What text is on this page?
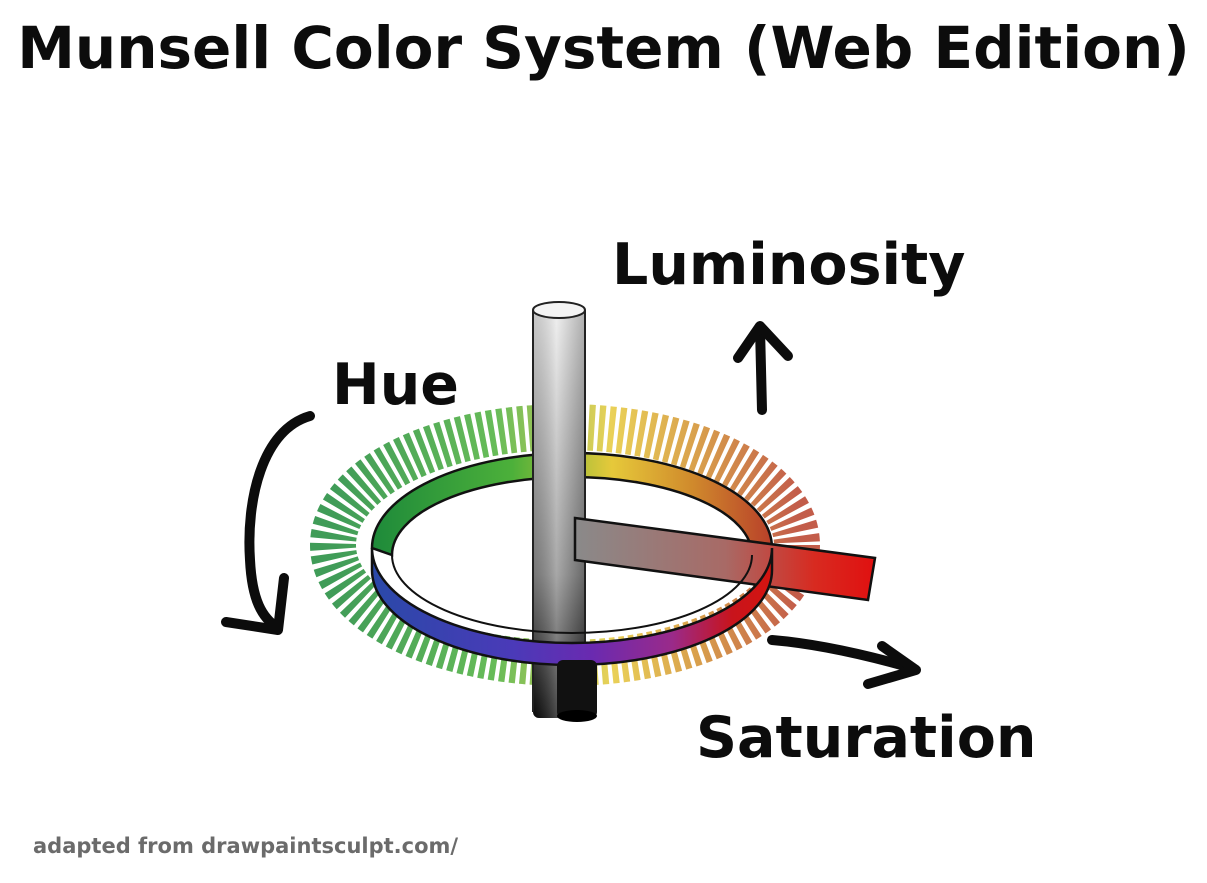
Munsell Color System (Web Edition)
Luminosity
Hue
Saturation
adapted from drawpaintsculpt.com/
